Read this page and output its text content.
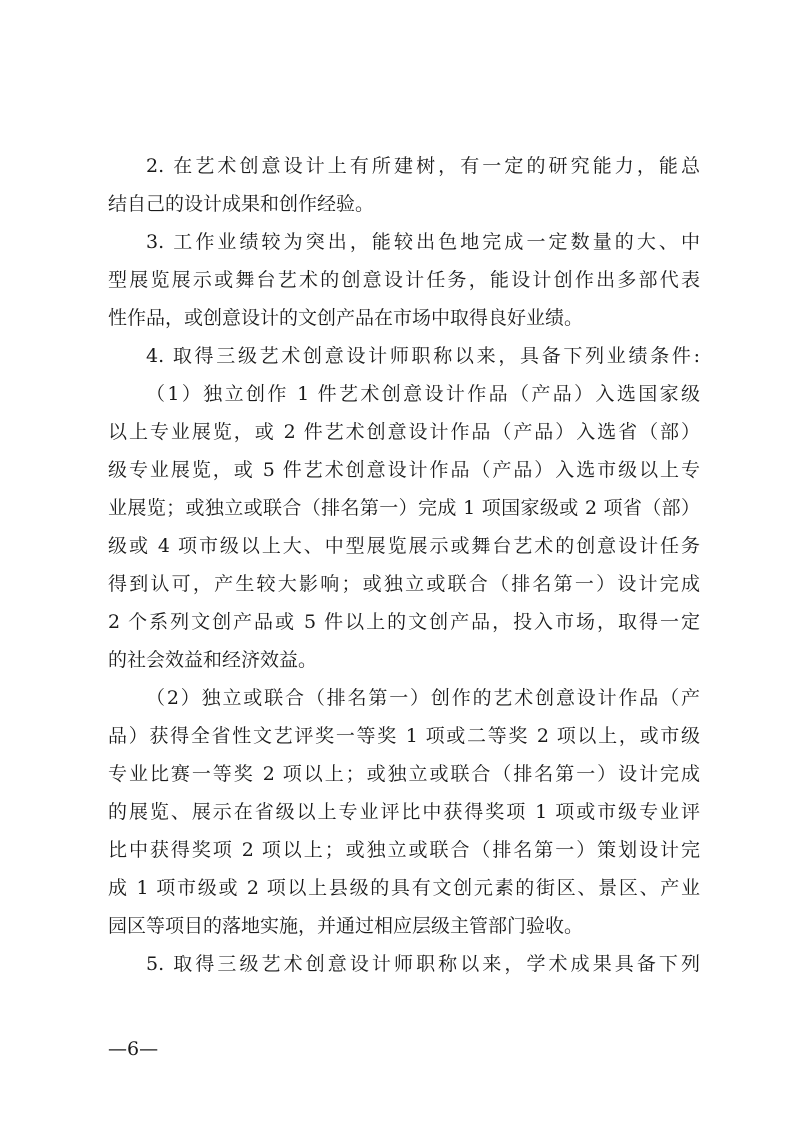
2. 在艺术创意设计上有所建树，有一定的研究能力，能总
结自己的设计成果和创作经验。
3. 工作业绩较为突出，能较出色地完成一定数量的大、中
型展览展示或舞台艺术的创意设计任务，能设计创作出多部代表
性作品，或创意设计的文创产品在市场中取得良好业绩。
4. 取得三级艺术创意设计师职称以来，具备下列业绩条件:
（1）独立创作 1 件艺术创意设计作品（产品）入选国家级
以上专业展览，或 2 件艺术创意设计作品（产品）入选省（部）
级专业展览，或 5 件艺术创意设计作品（产品）入选市级以上专
业展览；或独立或联合（排名第一）完成 1 项国家级或 2 项省（部）
级或 4 项市级以上大、中型展览展示或舞台艺术的创意设计任务
得到认可，产生较大影响；或独立或联合（排名第一）设计完成
2 个系列文创产品或 5 件以上的文创产品，投入市场，取得一定
的社会效益和经济效益。
（2）独立或联合（排名第一）创作的艺术创意设计作品（产
品）获得全省性文艺评奖一等奖 1 项或二等奖 2 项以上，或市级
专业比赛一等奖 2 项以上；或独立或联合（排名第一）设计完成
的展览、展示在省级以上专业评比中获得奖项 1 项或市级专业评
比中获得奖项 2 项以上；或独立或联合（排名第一）策划设计完
成 1 项市级或 2 项以上县级的具有文创元素的街区、景区、产业
园区等项目的落地实施，并通过相应层级主管部门验收。
5. 取得三级艺术创意设计师职称以来，学术成果具备下列
—6—
